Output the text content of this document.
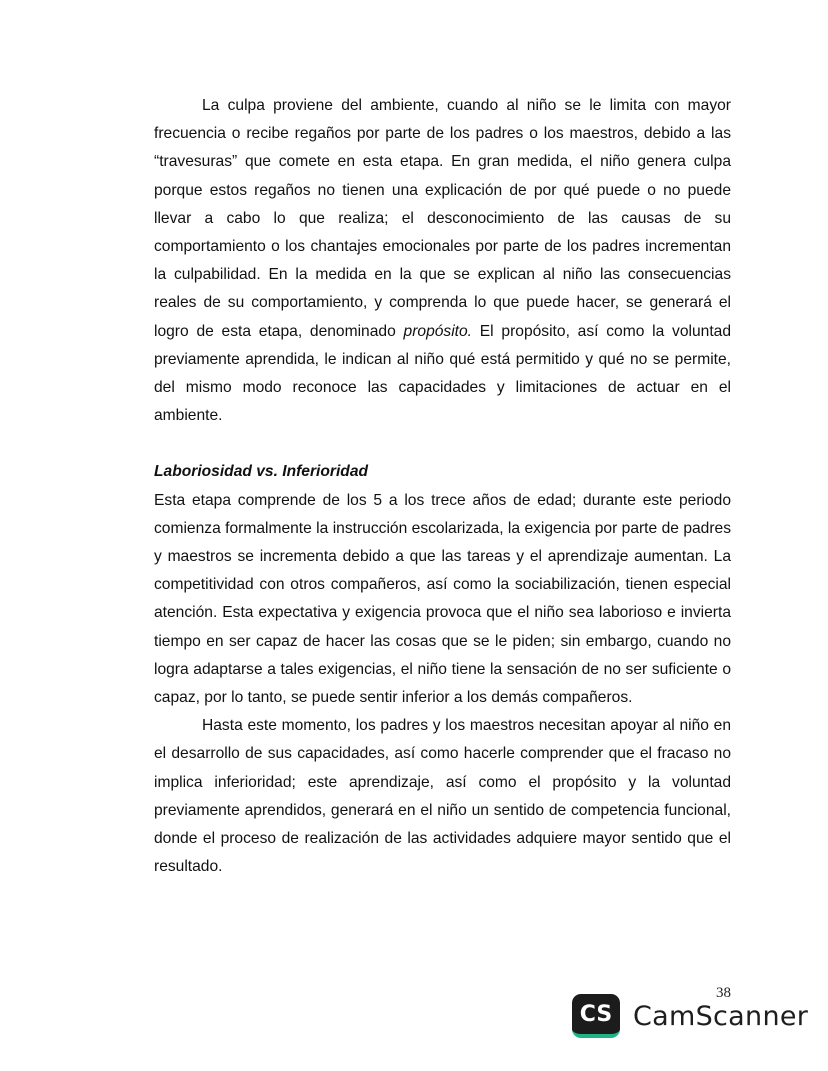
La culpa proviene del ambiente, cuando al niño se le limita con mayor frecuencia o recibe regaños por parte de los padres o los maestros, debido a las “travesuras” que comete en esta etapa. En gran medida, el niño genera culpa porque estos regaños no tienen una explicación de por qué puede o no puede llevar a cabo lo que realiza; el desconocimiento de las causas de su comportamiento o los chantajes emocionales por parte de los padres incrementan la culpabilidad. En la medida en la que se explican al niño las consecuencias reales de su comportamiento, y comprenda lo que puede hacer, se generará el logro de esta etapa, denominado propósito. El propósito, así como la voluntad previamente aprendida, le indican al niño qué está permitido y qué no se permite, del mismo modo reconoce las capacidades y limitaciones de actuar en el ambiente.

Laboriosidad vs. Inferioridad

Esta etapa comprende de los 5 a los trece años de edad; durante este periodo comienza formalmente la instrucción escolarizada, la exigencia por parte de padres y maestros se incrementa debido a que las tareas y el aprendizaje aumentan. La competitividad con otros compañeros, así como la sociabilización, tienen especial atención. Esta expectativa y exigencia provoca que el niño sea laborioso e invierta tiempo en ser capaz de hacer las cosas que se le piden; sin embargo, cuando no logra adaptarse a tales exigencias, el niño tiene la sensación de no ser suficiente o capaz, por lo tanto, se puede sentir inferior a los demás compañeros.

Hasta este momento, los padres y los maestros necesitan apoyar al niño en el desarrollo de sus capacidades, así como hacerle comprender que el fracaso no implica inferioridad; este aprendizaje, así como el propósito y la voluntad previamente aprendidos, generará en el niño un sentido de competencia funcional, donde el proceso de realización de las actividades adquiere mayor sentido que el resultado.

38
CS CamScanner
